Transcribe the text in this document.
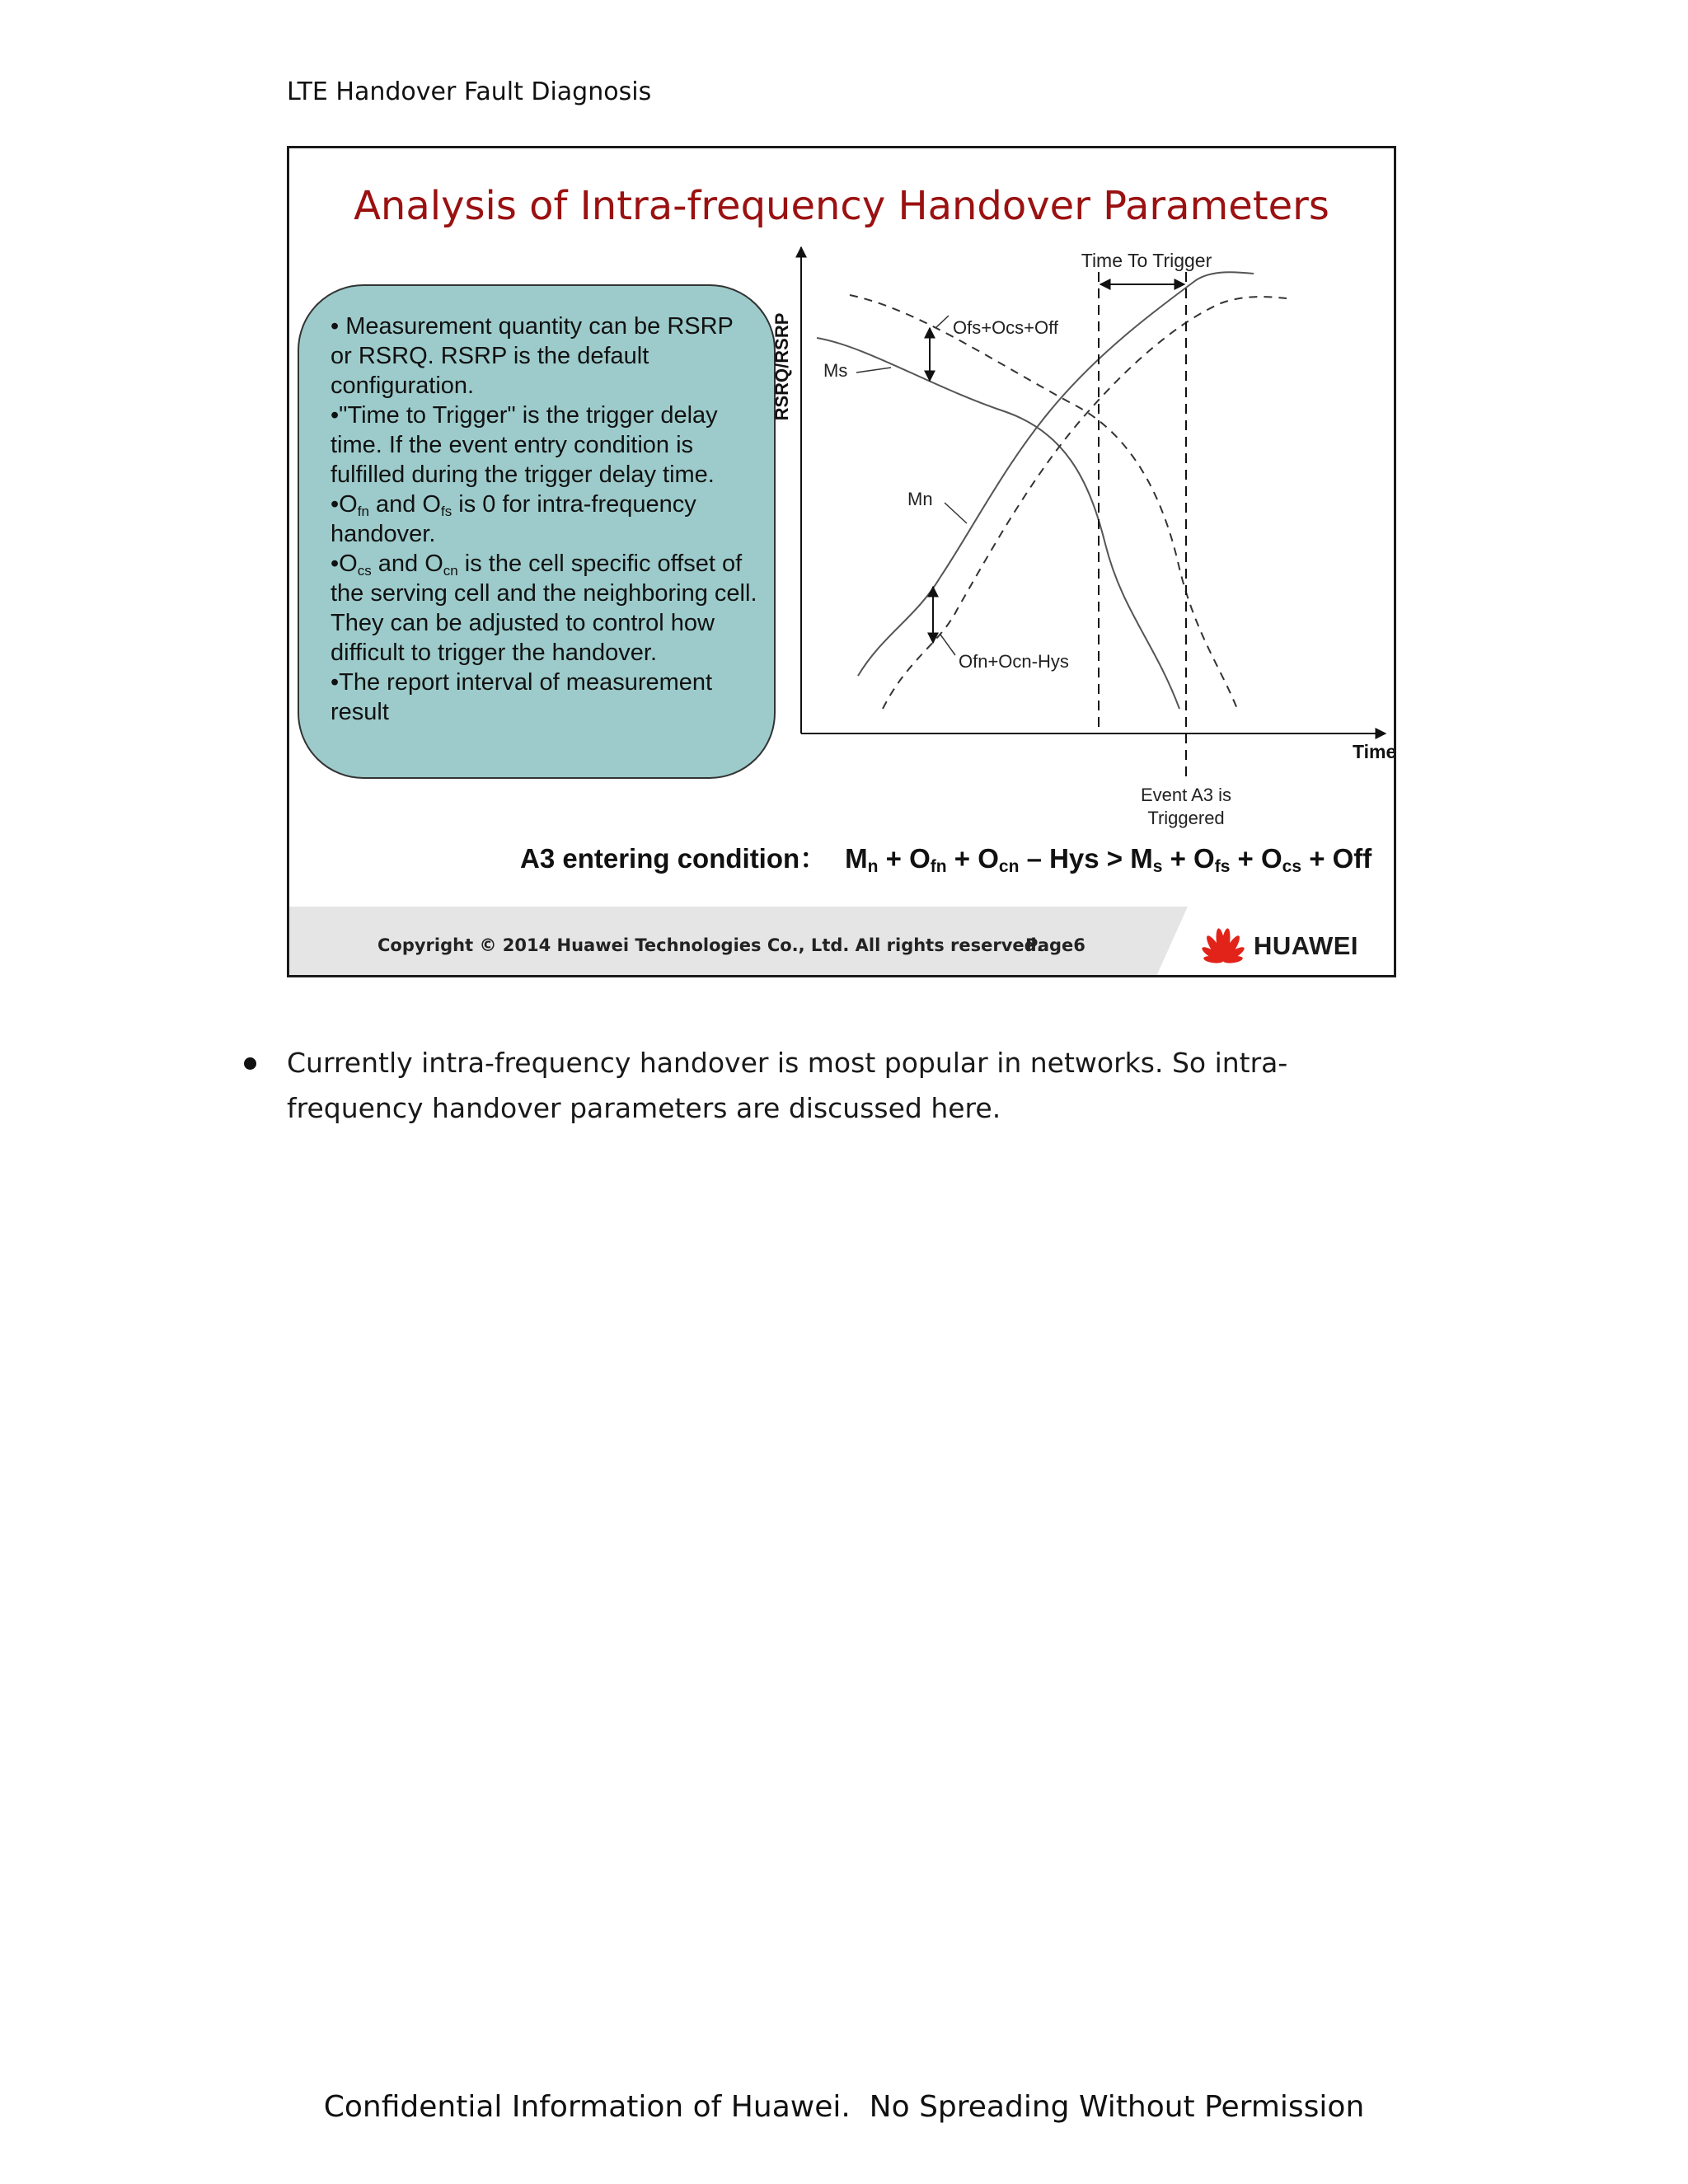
LTE Handover Fault Diagnosis
Analysis of Intra-frequency Handover Parameters

• Measurement quantity can be RSRP or RSRQ. RSRP is the default configuration.

•"Time to Trigger" is the trigger delay time. If the event entry condition is fulfilled during the trigger delay time.

$•O_{fn}$ and $O_{fs}$ is 0 for intra-frequency handover.

$•O_{cs}$ and $O_{cn}$ is the cell specific offset of the serving cell and the neighboring cell. They can be adjusted to control how difficult to trigger the handover.

•The report interval of measurement result

RSRQ/RSRP
Time
Time To Trigger
Ofs+Ocs+Off
Ms
Mn
Ofn+Ocn-Hys
Event A3 is
Triggered
A3 entering condition： $M_n + O_{fn} + O_{cn}$ – Hys > $M_s + O_{fs} + O_{cs}$ + Off
Copyright © 2014 Huawei Technologies Co., Ltd. All rights reserved.
Page6	HUAWEI
Currently intra-frequency handover is most popular in networks. So intra-frequency handover parameters are discussed here.
Confidential Information of Huawei.  No Spreading Without Permission
